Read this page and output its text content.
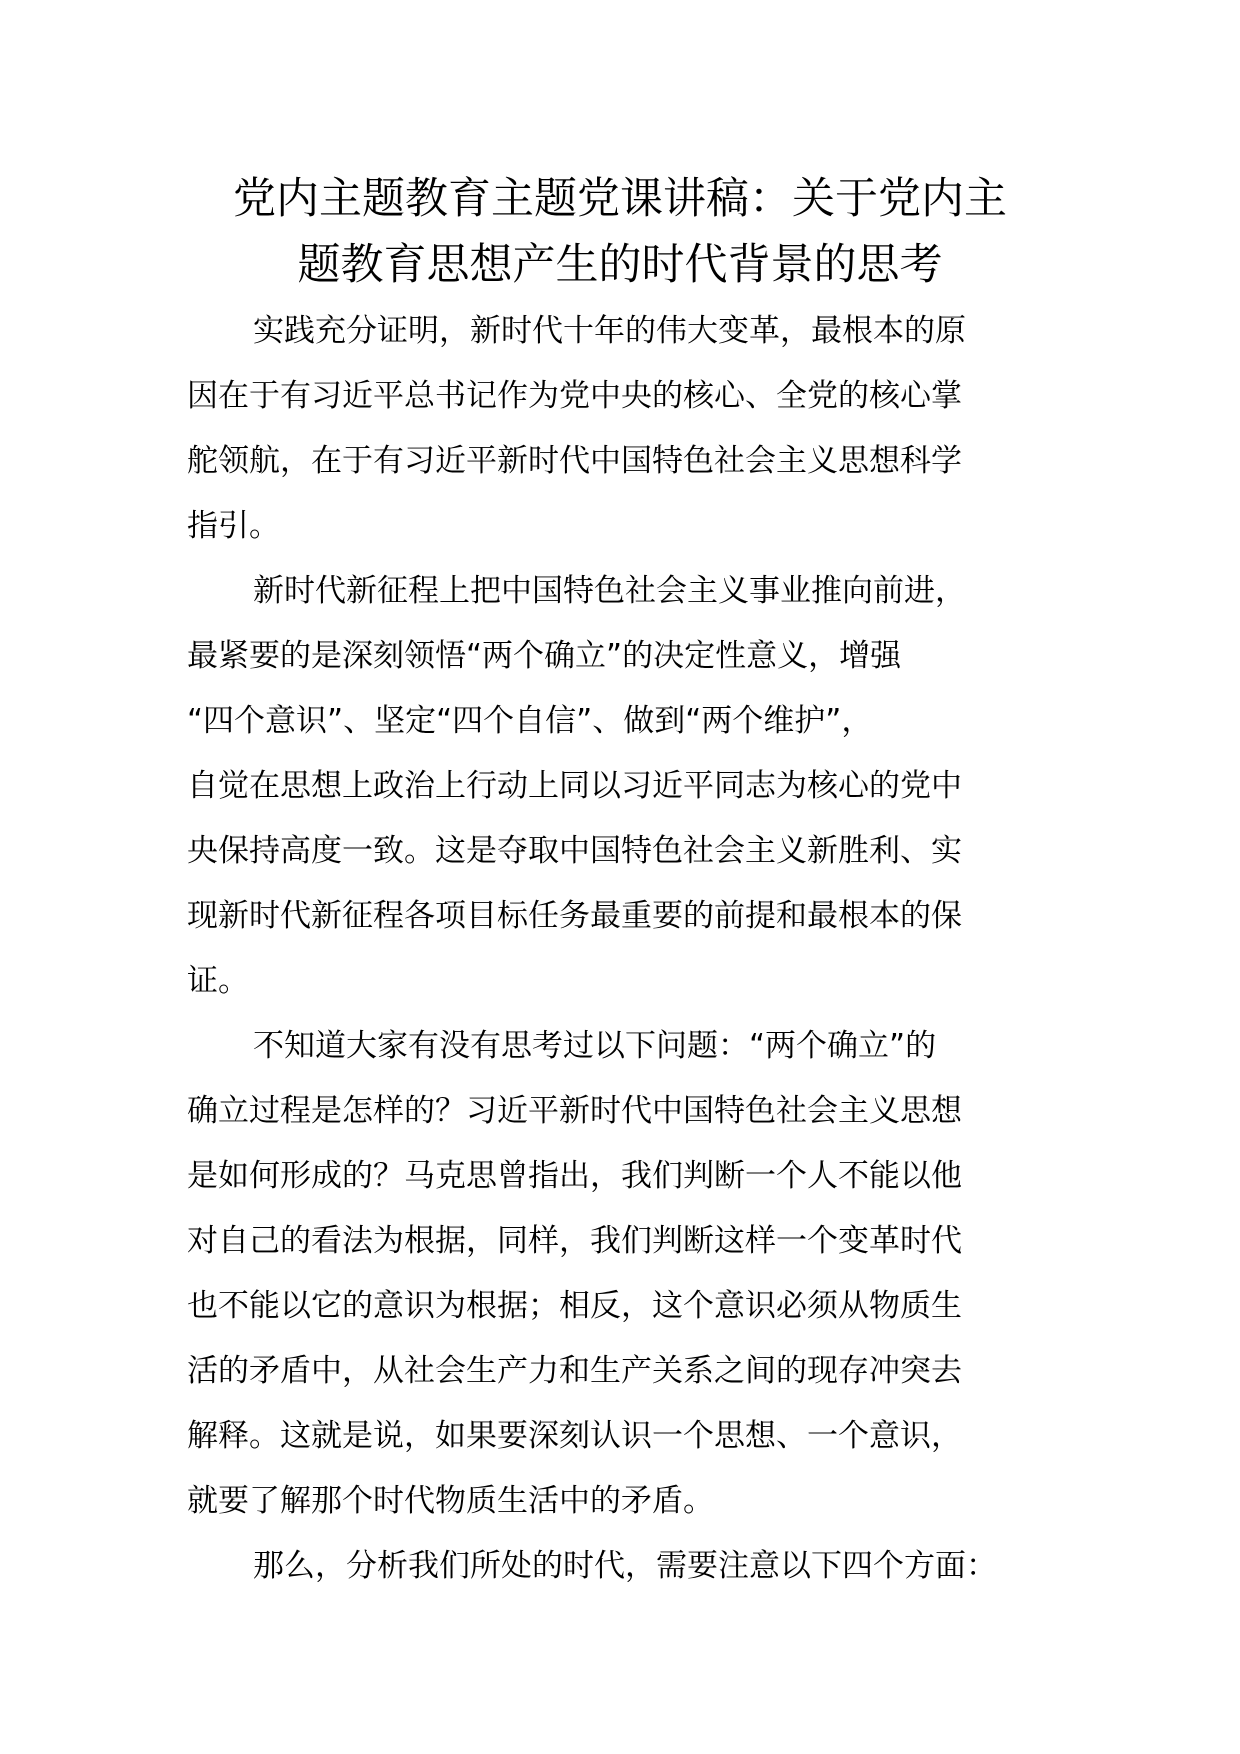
党内主题教育主题党课讲稿：关于党内主
题教育思想产生的时代背景的思考

实践充分证明，新时代十年的伟大变革，最根本的原
因在于有习近平总书记作为党中央的核心、全党的核心掌
舵领航，在于有习近平新时代中国特色社会主义思想科学
指引。

新时代新征程上把中国特色社会主义事业推向前进，
最紧要的是深刻领悟“两个确立”的决定性意义，增强
“四个意识”、坚定“四个自信”、做到“两个维护”，
自觉在思想上政治上行动上同以习近平同志为核心的党中
央保持高度一致。这是夺取中国特色社会主义新胜利、实
现新时代新征程各项目标任务最重要的前提和最根本的保
证。

不知道大家有没有思考过以下问题：“两个确立”的
确立过程是怎样的？习近平新时代中国特色社会主义思想
是如何形成的？马克思曾指出，我们判断一个人不能以他
对自己的看法为根据，同样，我们判断这样一个变革时代
也不能以它的意识为根据；相反，这个意识必须从物质生
活的矛盾中，从社会生产力和生产关系之间的现存冲突去
解释。这就是说，如果要深刻认识一个思想、一个意识，
就要了解那个时代物质生活中的矛盾。

那么，分析我们所处的时代，需要注意以下四个方面：
